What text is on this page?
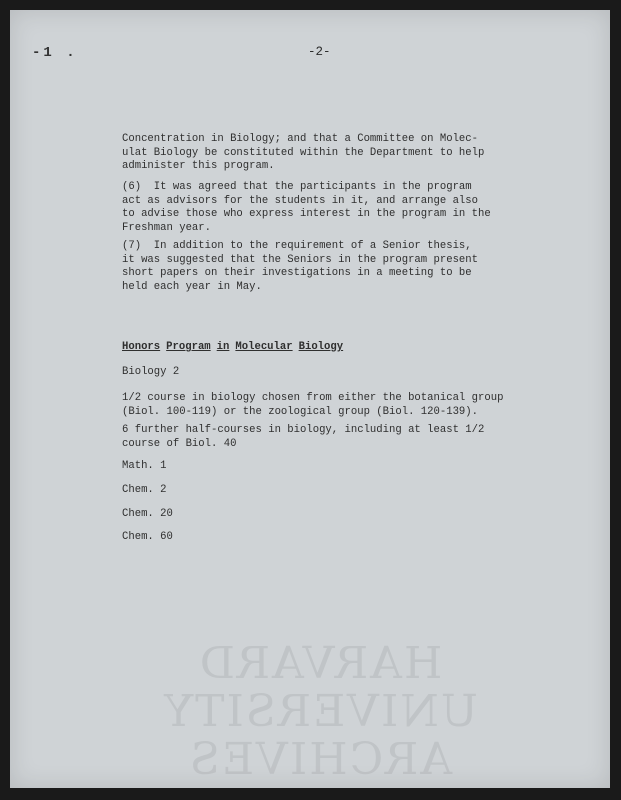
HARVARD
UNIVERSITY
ARCHIVES
-1 .	-2-

Concentration in Biology; and that a Committee on Molec-
ulat Biology be constituted within the Department to help
administer this program.

(6)  It was agreed that the participants in the program
act as advisors for the students in it, and arrange also
to advise those who express interest in the program in the
Freshman year.

(7)  In addition to the requirement of a Senior thesis,
it was suggested that the Seniors in the program present
short papers on their investigations in a meeting to be
held each year in May.

Honors Program in Molecular Biology

Biology 2

1/2 course in biology chosen from either the botanical group
(Biol. 100-119) or the zoological group (Biol. 120-139).

6 further half-courses in biology, including at least 1/2
course of Biol. 40

Math. 1

Chem. 2

Chem. 20

Chem. 60
